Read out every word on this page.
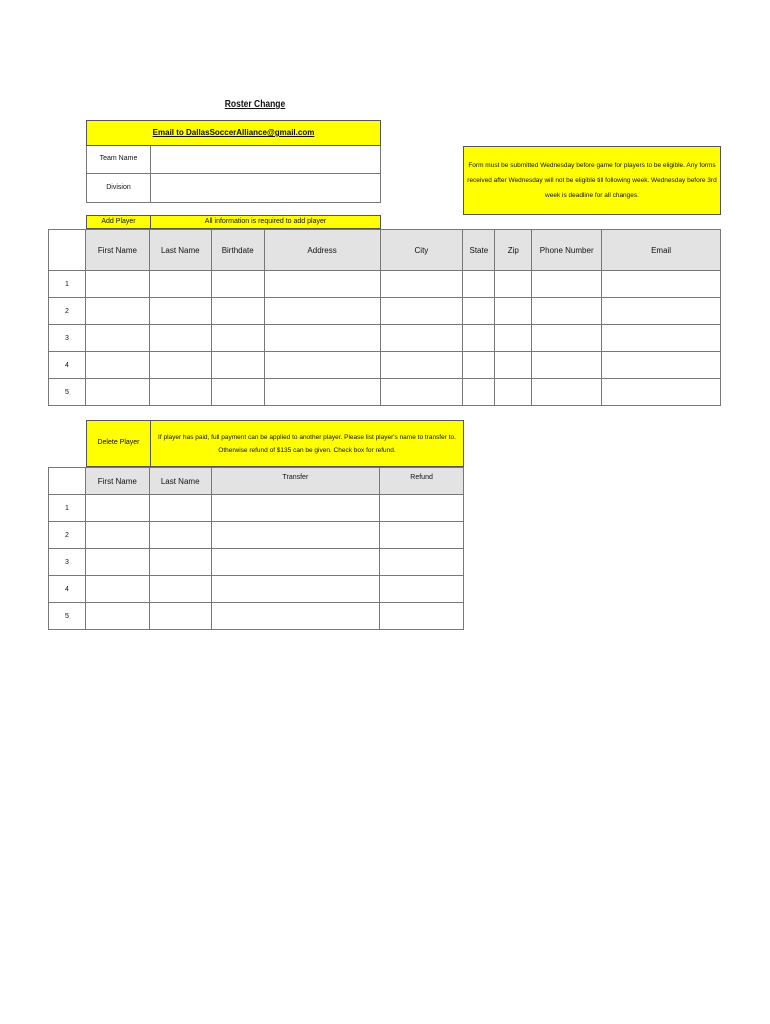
Roster Change
Email to DallasSoccerAlliance@gmail.com
Team Name
Division
Form must be submitted Wednesday before game for players to be eligible. Any forms received after Wednesday will not be eligible till following week. Wednesday before 3rd week is deadline for all changes.
Add Player	All information is required to add player
	First Name	Last Name	Birthdate	Address	City	State	Zip	Phone Number	Email
1									
2									
3									
4									
5									
Delete Player
If player has paid, full payment can be applied to another player. Please list player's name to transfer to. Otherwise refund of $135 can be given. Check box for refund.
	First Name	Last Name	Transfer	Refund
1				
2				
3				
4				
5				
